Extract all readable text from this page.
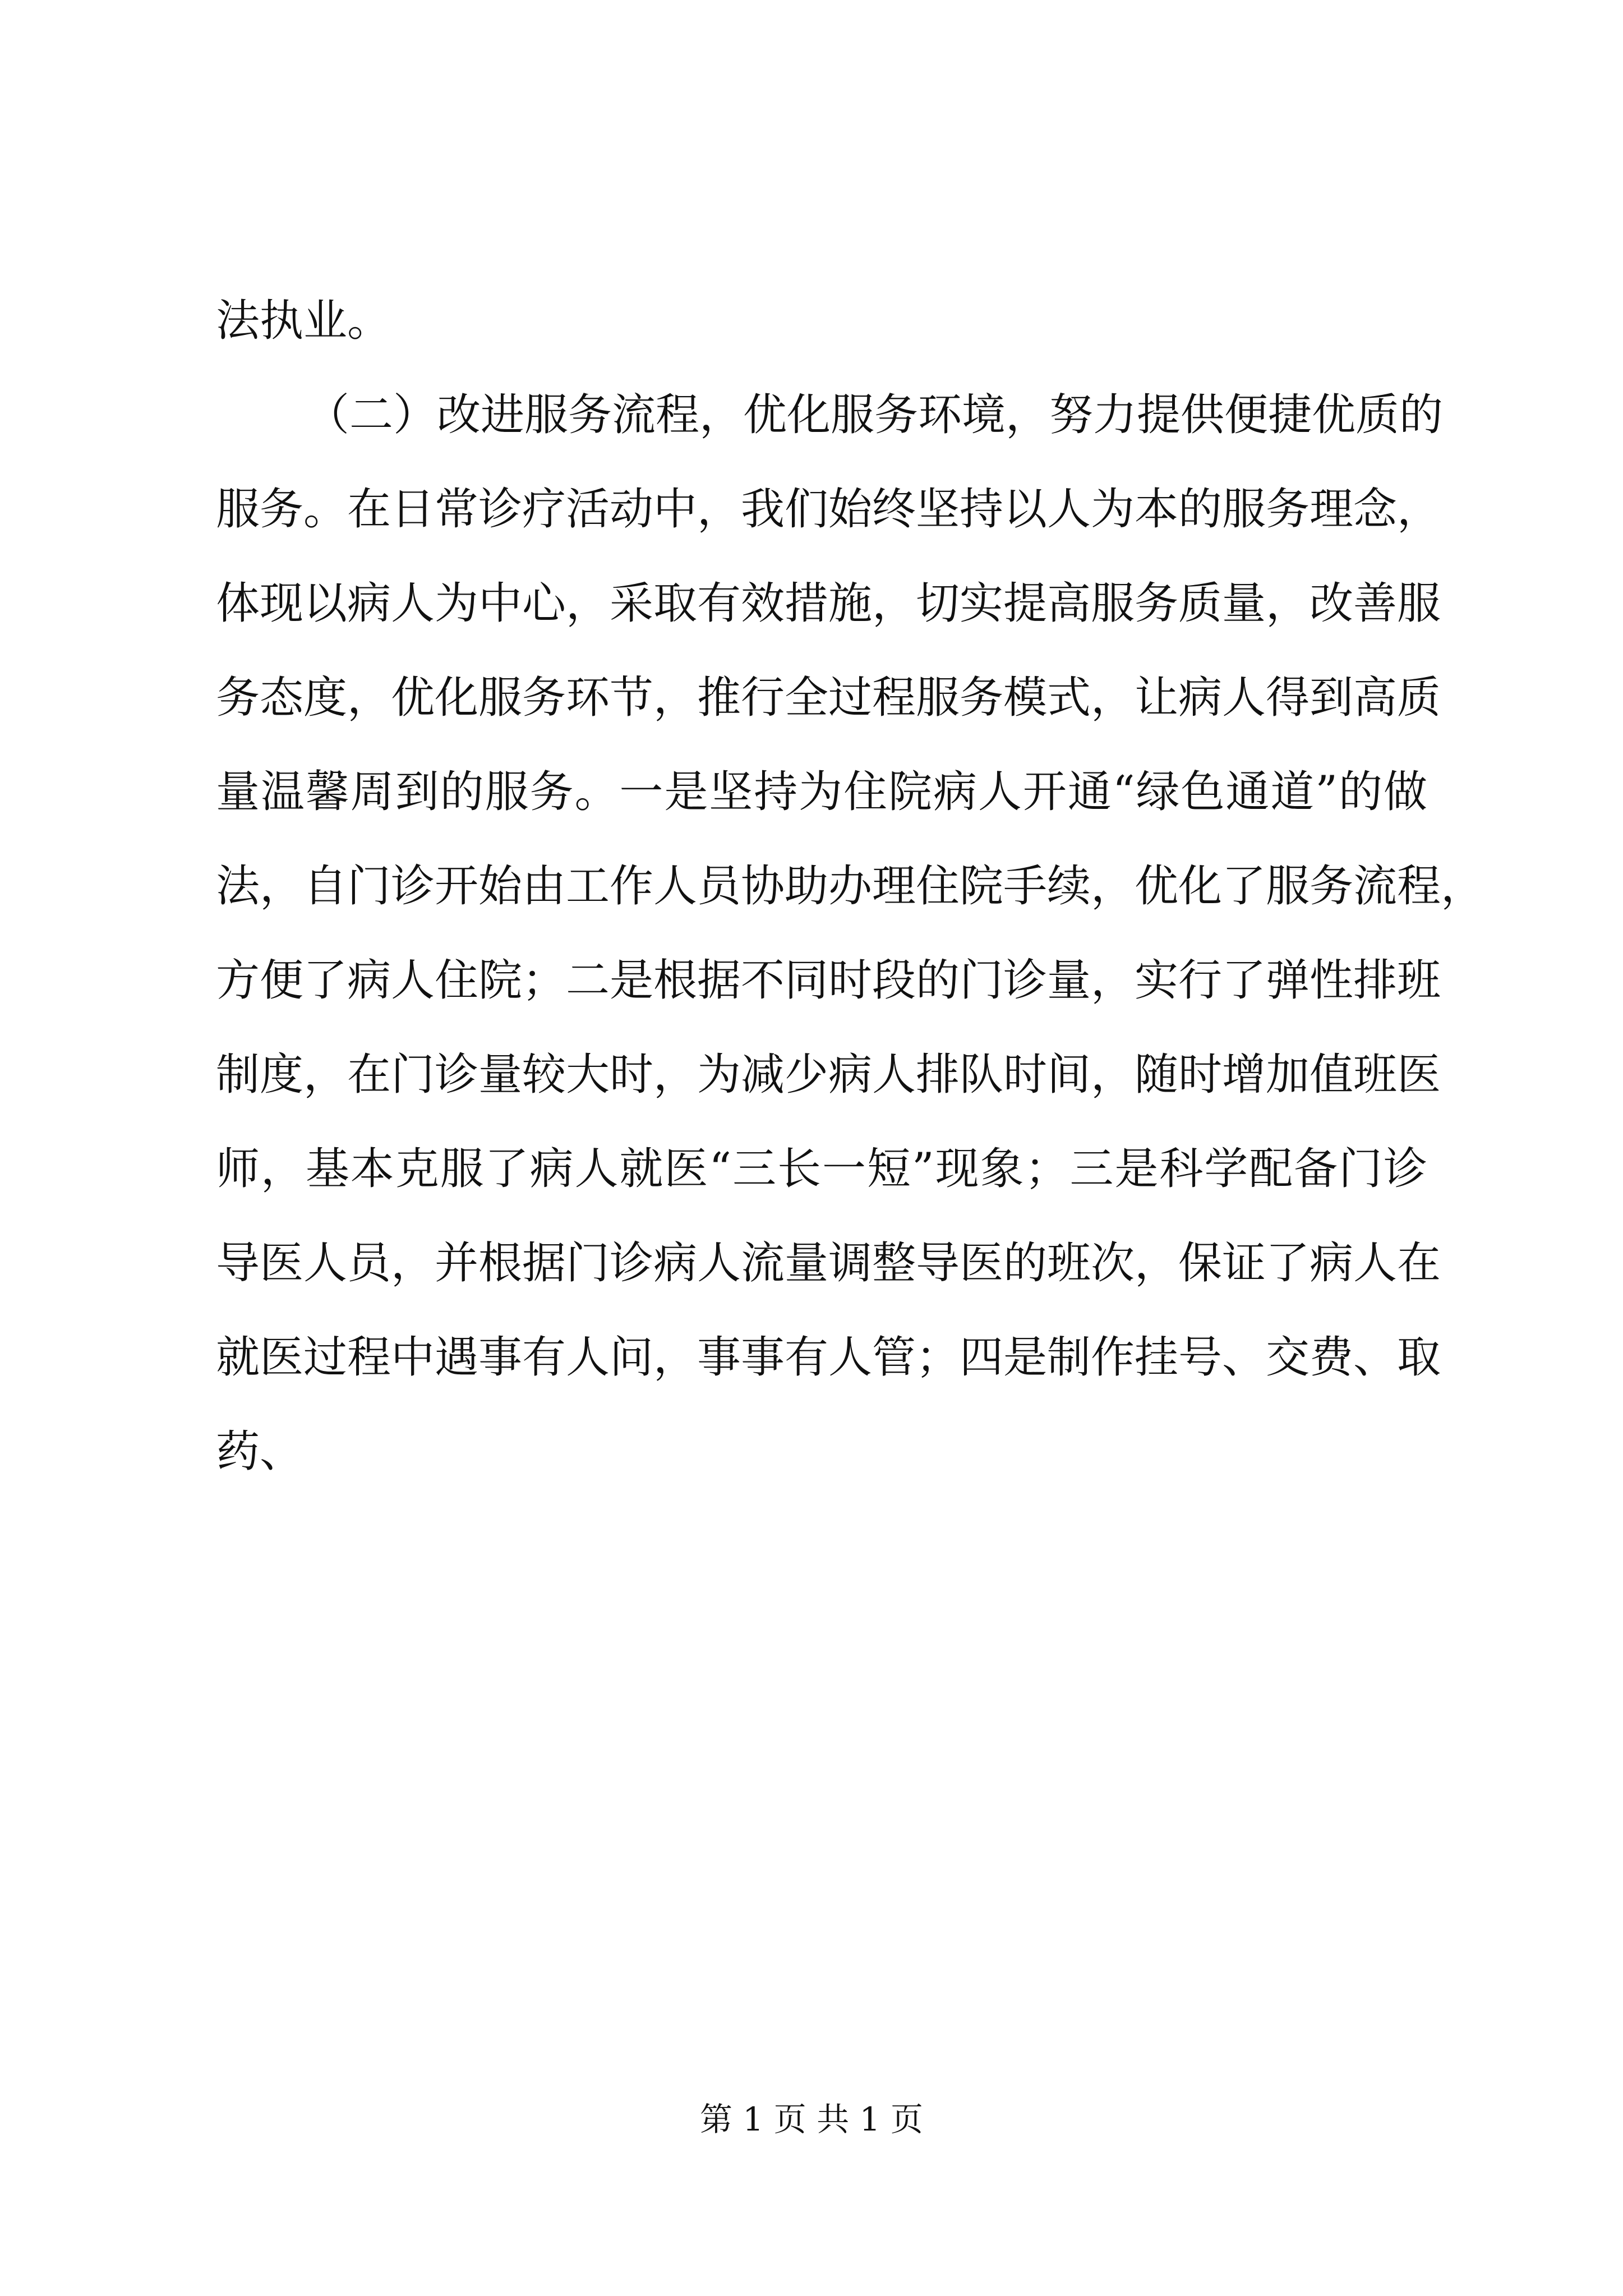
法执业。
（二）改进服务流程，优化服务环境，努力提供便捷优质的
服务。在日常诊疗活动中，我们始终坚持以人为本的服务理念，
体现以病人为中心，采取有效措施，切实提高服务质量，改善服
务态度，优化服务环节，推行全过程服务模式，让病人得到高质
量温馨周到的服务。一是坚持为住院病人开通“绿色通道”的做
法，自门诊开始由工作人员协助办理住院手续，优化了服务流程，
方便了病人住院；二是根据不同时段的门诊量，实行了弹性排班
制度，在门诊量较大时，为减少病人排队时间，随时增加值班医
师，基本克服了病人就医“三长一短”现象；三是科学配备门诊
导医人员，并根据门诊病人流量调整导医的班次，保证了病人在
就医过程中遇事有人问，事事有人管；四是制作挂号、交费、取
药、
第 1 页 共 1 页
